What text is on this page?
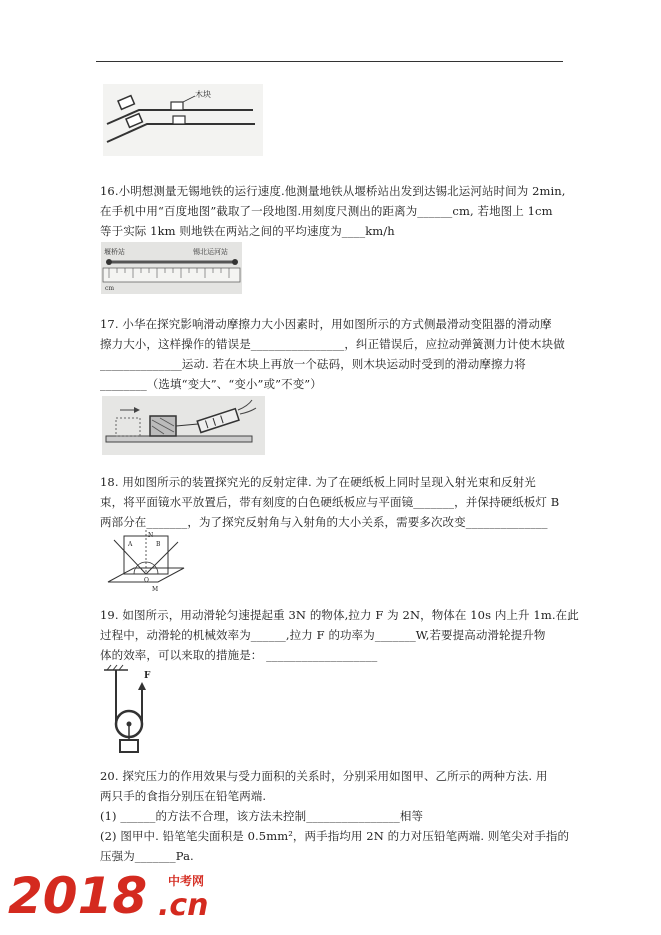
木块

16.小明想测量无锡地铁的运行速度.他测量地铁从堰桥站出发到达锡北运河站时间为 2min,

在手机中用“百度地图”截取了一段地图.用刻度尺测出的距离为______cm, 若地图上 1cm

等于实际 1km 则地铁在两站之间的平均速度为____km/h

堰桥站	锡北运河站
cm

17. 小华在探究影响滑动摩擦力大小因素时，用如图所示的方式侧最滑动变阻器的滑动摩

擦力大小，这样操作的错误是________________，纠正错误后，应拉动弹簧测力计使木块做

______________运动. 若在木块上再放一个砝码，则木块运动时受到的滑动摩擦力将

________（选填“变大”、“变小”或”不变”）

18. 用如图所示的装置探究光的反射定律. 为了在硬纸板上同时呈现入射光束和反射光

束，将平面镜水平放置后，带有刻度的白色硬纸板应与平面镜_______，并保持硬纸板灯 B

两部分在_______，为了探究反射角与入射角的大小关系，需要多次改变______________

N
A	B
O
M

19. 如图所示，用动滑轮匀速提起重 3N 的物体,拉力 F 为 2N，物体在 10s 内上升 1m.在此

过程中，动滑轮的机械效率为______,拉力 F 的功率为_______W,若要提高动滑轮提升物

体的效率，可以来取的措施是： ___________________

F

20. 探究压力的作用效果与受力面积的关系时，分别采用如图甲、乙所示的两种方法. 用

两只手的食指分别压在铅笔两端.

(1) ______的方法不合理，该方法未控制________________相等

(2) 图甲中. 铅笔笔尖面积是 0.5mm²，两手指均用 2N 的力对压铅笔两端. 则笔尖对手指的

压强为_______Pa.

2018 中考网
.cn
